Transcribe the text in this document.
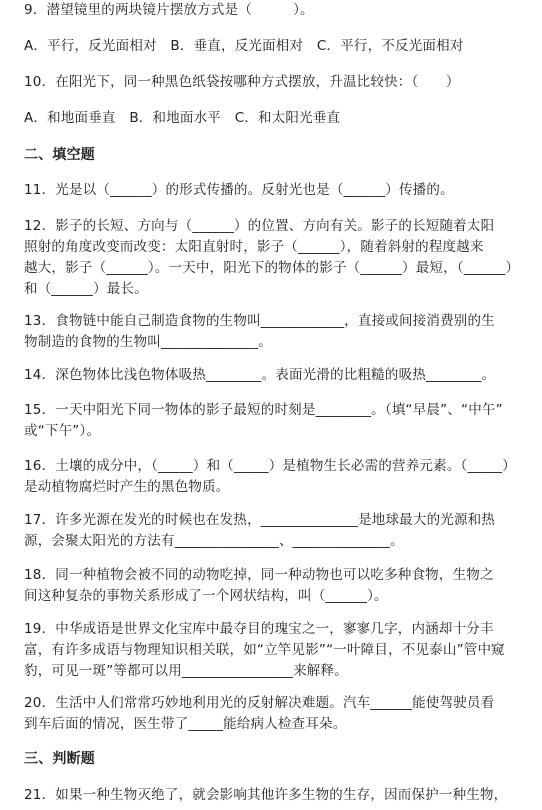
9．潜望镜里的两块镜片摆放方式是（　　　）。
A．平行，反光面相对　B．垂直，反光面相对　C．平行，不反光面相对
10．在阳光下，同一种黑色纸袋按哪种方式摆放，升温比较快：（　　）
A．和地面垂直　B．和地面水平　C．和太阳光垂直
二、填空题
11．光是以（______）的形式传播的。反射光也是（______）传播的。
12．影子的长短、方向与（______）的位置、方向有关。影子的长短随着太阳
照射的角度改变而改变：太阳直射时，影子（______），随着斜射的程度越来
越大，影子（______）。一天中，阳光下的物体的影子（______）最短，（______）
和（______）最长。
13．食物链中能自己制造食物的生物叫____________，直接或间接消费别的生
物制造的食物的生物叫______________。
14．深色物体比浅色物体吸热________。表面光滑的比粗糙的吸热________。
15．一天中阳光下同一物体的影子最短的时刻是________。（填“早晨”、“中午”
或“下午”）。
16．土壤的成分中，（_____）和（_____）是植物生长必需的营养元素。（_____）
是动植物腐烂时产生的黑色物质。
17．许多光源在发光的时候也在发热，______________是地球最大的光源和热
源，会聚太阳光的方法有_______________、______________。
18．同一种植物会被不同的动物吃掉，同一种动物也可以吃多种食物，生物之
间这种复杂的事物关系形成了一个网状结构，叫（______）。
19．中华成语是世界文化宝库中最夺目的瑰宝之一，寥寥几字，内涵却十分丰
富，有许多成语与物理知识相关联，如“立竿见影”“一叶障目，不见泰山”管中窥
豹，可见一斑”等都可以用________________来解释。
20．生活中人们常常巧妙地利用光的反射解决难题。汽车______能使驾驶员看
到车后面的情况，医生带了_____能给病人检查耳朵。
三、判断题
21．如果一种生物灭绝了，就会影响其他许多生物的生存，因而保护一种生物，
